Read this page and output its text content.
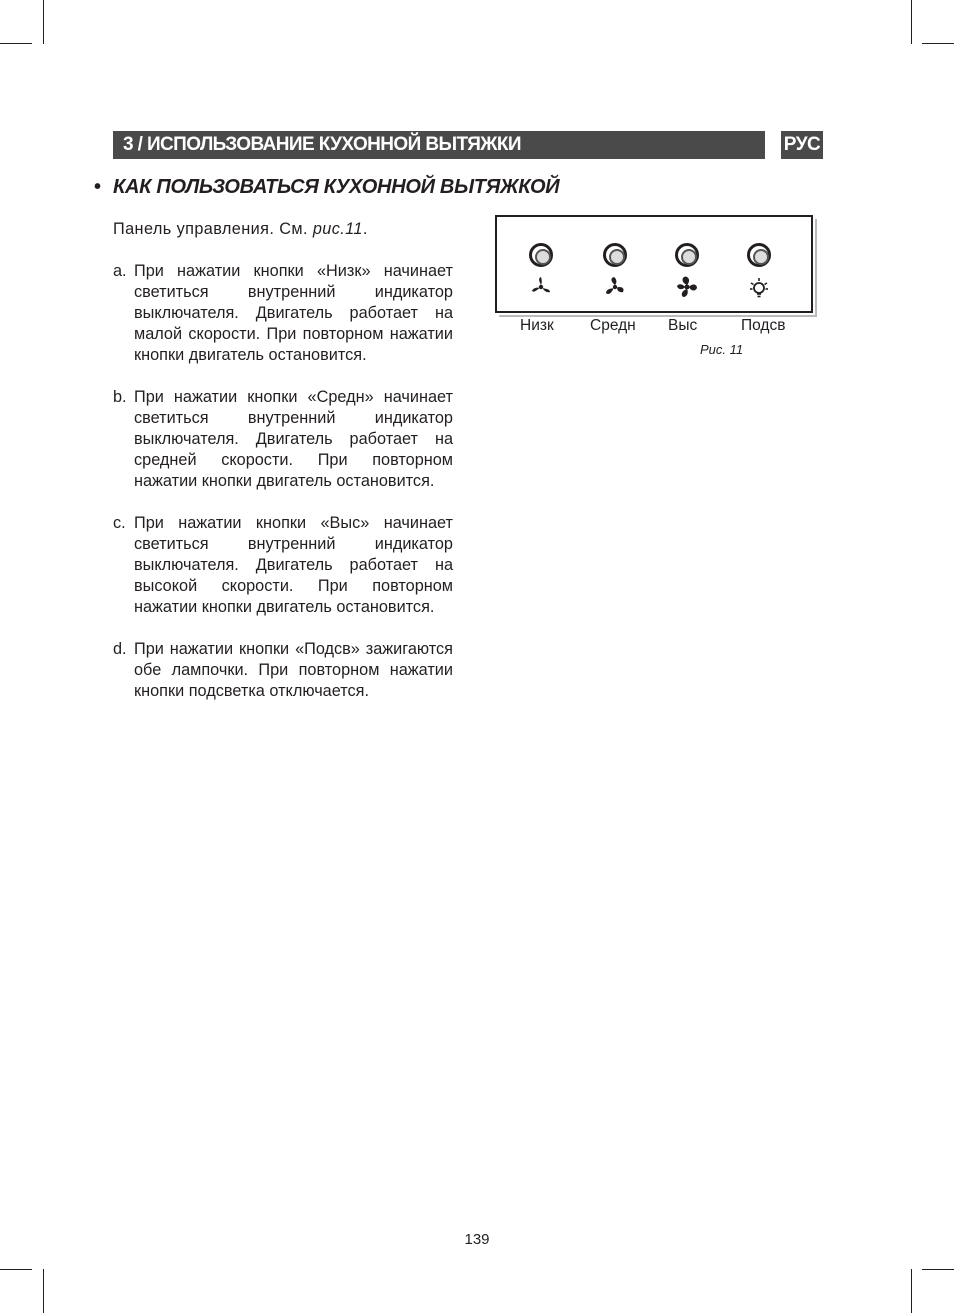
3 / ИСПОЛЬЗОВАНИЕ КУХОННОЙ ВЫТЯЖКИ	РУС
• КАК ПОЛЬЗОВАТЬСЯ КУХОННОЙ ВЫТЯЖКОЙ

Панель управления. См. рис.11.

a. При нажатии кнопки «Низк» начинает светиться внутренний индикатор выключателя. Двигатель работает на малой скорости. При повторном нажатии кнопки двигатель остановится.
b. При нажатии кнопки «Средн» начинает светиться внутренний индикатор выключателя. Двигатель работает на средней скорости. При повторном нажатии кнопки двигатель остановится.
c. При нажатии кнопки «Выс» начинает светиться внутренний индикатор выключателя. Двигатель работает на высокой скорости. При повторном нажатии кнопки двигатель остановится.
d. При нажатии кнопки «Подсв» зажигаются обе лампочки. При повторном нажатии кнопки подсветка отключается.
Низк Средн Выс	Подсв
Рис. 11
139
